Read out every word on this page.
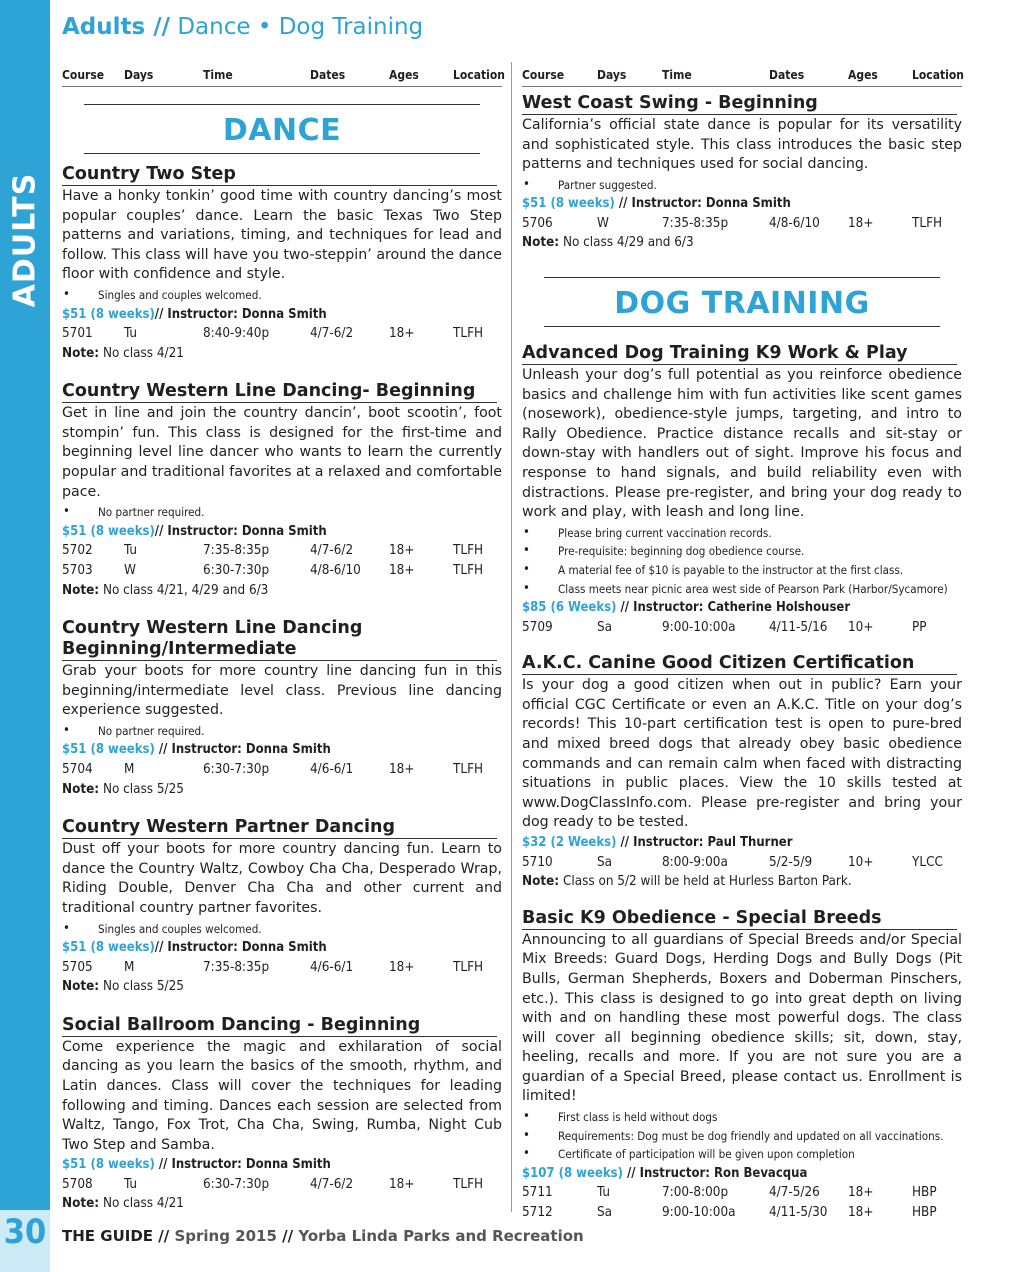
ADULTS
30
Adults // Dance • Dog Training
Course	Days	Time	Dates	Ages	Location
DANCE
Country Two Step
Have a honky tonkin’ good time with country dancing’s most popular couples’ dance. Learn the basic Texas Two Step patterns and variations, timing, and techniques for lead and follow. This class will have you two-steppin’ around the dance floor with confidence and style.
• Singles and couples welcomed.
$51 (8 weeks)// Instructor: Donna Smith
5701	Tu	8:40-9:40p	4/7-6/2	18+	TLFH
Note: No class 4/21
Country Western Line Dancing- Beginning
Get in line and join the country dancin’, boot scootin’, foot stompin’ fun. This class is designed for the first-time and beginning level line dancer who wants to learn the currently popular and traditional favorites at a relaxed and comfortable pace.
• No partner required.
$51 (8 weeks)// Instructor: Donna Smith
5702	Tu	7:35-8:35p	4/7-6/2	18+	TLFH
5703	W	6:30-7:30p	4/8-6/10	18+	TLFH
Note: No class 4/21, 4/29 and 6/3
Country Western Line Dancing Beginning/Intermediate
Grab your boots for more country line dancing fun in this beginning/intermediate level class. Previous line dancing experience suggested.
• No partner required.
$51 (8 weeks) // Instructor: Donna Smith
5704	M	6:30-7:30p	4/6-6/1	18+	TLFH
Note: No class 5/25
Country Western Partner Dancing
Dust off your boots for more country dancing fun. Learn to dance the Country Waltz, Cowboy Cha Cha, Desperado Wrap, Riding Double, Denver Cha Cha and other current and traditional country partner favorites.
• Singles and couples welcomed.
$51 (8 weeks)// Instructor: Donna Smith
5705	M	7:35-8:35p	4/6-6/1	18+	TLFH
Note: No class 5/25
Social Ballroom Dancing - Beginning
Come experience the magic and exhilaration of social dancing as you learn the basics of the smooth, rhythm, and Latin dances. Class will cover the techniques for leading following and timing. Dances each session are selected from Waltz, Tango, Fox Trot, Cha Cha, Swing, Rumba, Night Cub Two Step and Samba.
$51 (8 weeks) // Instructor: Donna Smith
5708	Tu	6:30-7:30p	4/7-6/2	18+	TLFH
Note: No class 4/21
Course	Days	Time	Dates	Ages	Location
West Coast Swing - Beginning
California’s official state dance is popular for its versatility and sophisticated style. This class introduces the basic step patterns and techniques used for social dancing.
• Partner suggested.
$51 (8 weeks) // Instructor: Donna Smith
5706	W	7:35-8:35p	4/8-6/10	18+	TLFH
Note: No class 4/29 and 6/3
DOG TRAINING
Advanced Dog Training K9 Work & Play
Unleash your dog’s full potential as you reinforce obedience basics and challenge him with fun activities like scent games (nosework), obedience-style jumps, targeting, and intro to Rally Obedience. Practice distance recalls and sit-stay or down-stay with handlers out of sight. Improve his focus and response to hand signals, and build reliability even with distractions. Please pre-register, and bring your dog ready to work and play, with leash and long line.
• Please bring current vaccination records.
• Pre-requisite: beginning dog obedience course.
• A material fee of $10 is payable to the instructor at the first class.
• Class meets near picnic area west side of Pearson Park (Harbor/Sycamore)
$85 (6 Weeks) // Instructor: Catherine Holshouser
5709	Sa	9:00-10:00a	4/11-5/16	10+	PP
A.K.C. Canine Good Citizen Certification
Is your dog a good citizen when out in public? Earn your official CGC Certificate or even an A.K.C. Title on your dog’s records! This 10-part certification test is open to pure-bred and mixed breed dogs that already obey basic obedience commands and can remain calm when faced with distracting situations in public places. View the 10 skills tested at www.DogClassInfo.com. Please pre-register and bring your dog ready to be tested.
$32 (2 Weeks) // Instructor: Paul Thurner
5710	Sa	8:00-9:00a	5/2-5/9	10+	YLCC
Note: Class on 5/2 will be held at Hurless Barton Park.
Basic K9 Obedience - Special Breeds
Announcing to all guardians of Special Breeds and/or Special Mix Breeds: Guard Dogs, Herding Dogs and Bully Dogs (Pit Bulls, German Shepherds, Boxers and Doberman Pinschers, etc.). This class is designed to go into great depth on living with and on handling these most powerful dogs. The class will cover all beginning obedience skills; sit, down, stay, heeling, recalls and more. If you are not sure you are a guardian of a Special Breed, please contact us. Enrollment is limited!
• First class is held without dogs
• Requirements: Dog must be dog friendly and updated on all vaccinations.
• Certificate of participation will be given upon completion
$107 (8 weeks) // Instructor: Ron Bevacqua
5711	Tu	7:00-8:00p	4/7-5/26	18+	HBP
5712	Sa	9:00-10:00a	4/11-5/30	18+	HBP
THE GUIDE // Spring 2015 // Yorba Linda Parks and Recreation
